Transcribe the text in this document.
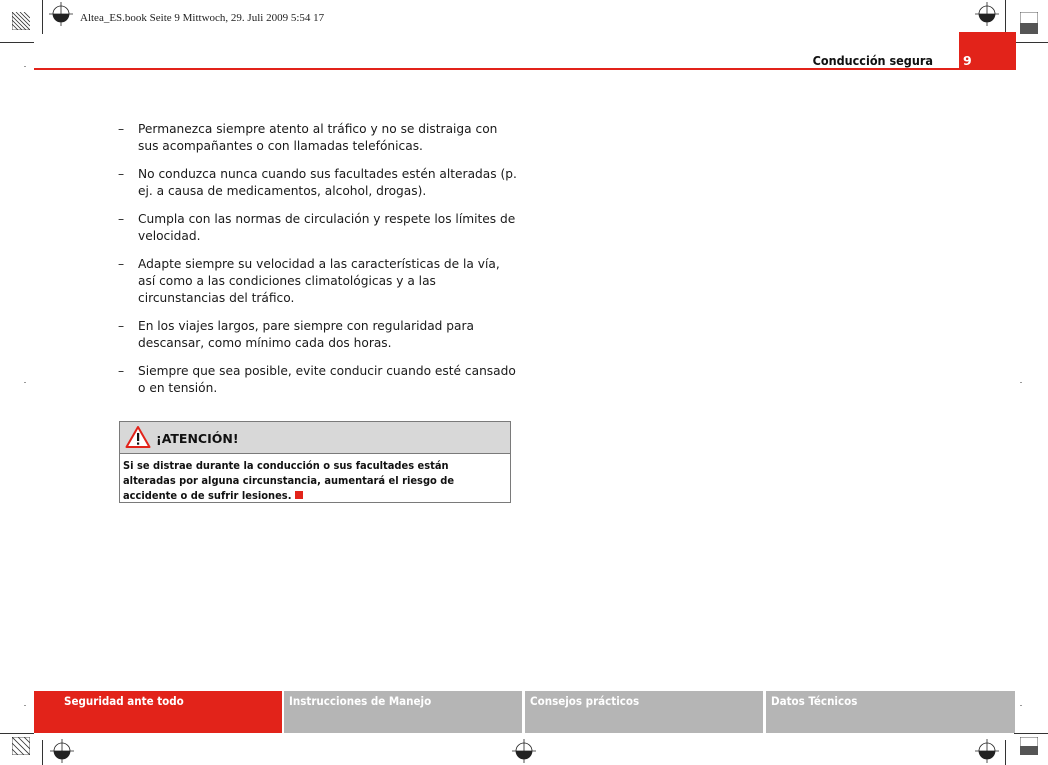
Altea_ES.book Seite 9 Mittwoch, 29. Juli 2009 5:54 17
Conducción segura 9
– Permanezca siempre atento al tráfico y no se distraiga con sus acompañantes o con llamadas telefónicas.
– No conduzca nunca cuando sus facultades estén alteradas (p. ej. a causa de medicamentos, alcohol, drogas).
– Cumpla con las normas de circulación y respete los límites de velocidad.
– Adapte siempre su velocidad a las características de la vía, así como a las condiciones climatológicas y a las circunstancias del tráfico.
– En los viajes largos, pare siempre con regularidad para descansar, como mínimo cada dos horas.
– Siempre que sea posible, evite conducir cuando esté cansado o en tensión.
¡ATENCIÓN!
Si se distrae durante la conducción o sus facultades están alteradas por alguna circunstancia, aumentará el riesgo de accidente o de sufrir lesiones.
Seguridad ante todo	Instrucciones de Manejo	Consejos prácticos	Datos Técnicos
